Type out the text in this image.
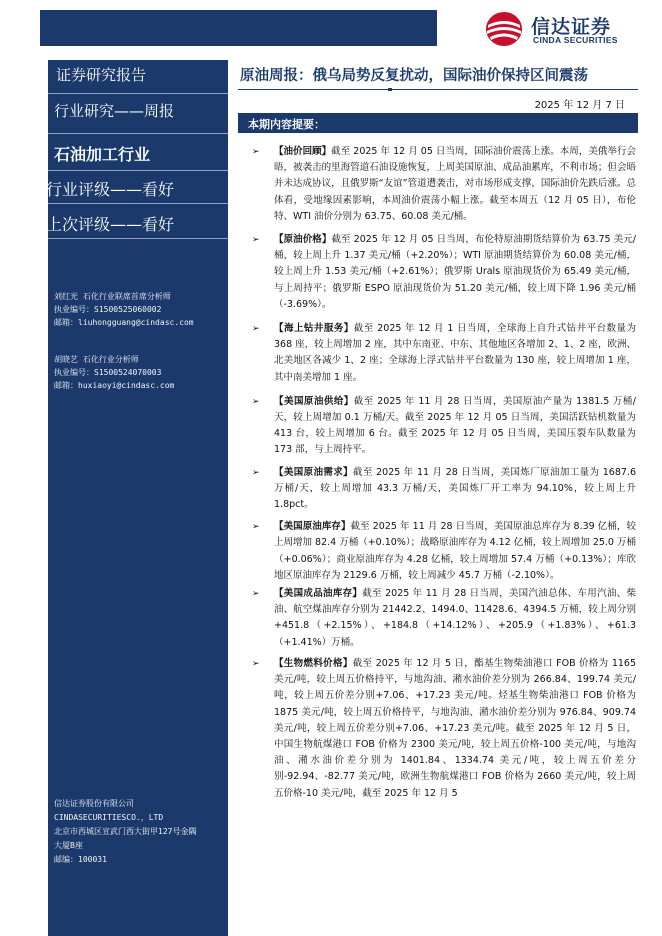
信达证券
CINDA SECURITIES
证券研究报告
行业研究——周报
石油加工行业
行业评级——看好
上次评级——看好
刘红光 石化行业联席首席分析师
执业编号：S1500525060002
邮箱：liuhongguang@cindasc.com
胡晓艺 石化行业分析师
执业编号：S1500524070003
邮箱：huxiaoyi@cindasc.com
信达证券股份有限公司
CINDASECURITIESCO.，LTD
北京市西城区宣武门西大街甲127号金隅
大厦B座
邮编：100031
原油周报：俄乌局势反复扰动，国际油价保持区间震荡
2025 年 12 月 7 日
本期内容提要：
➢ 【油价回顾】截至 2025 年 12 月 05 日当周，国际油价震荡上涨。本周，美俄举行会晤，被袭击的里海管道石油设施恢复，上周美国原油、成品油累库，不利市场；但会晤并未达成协议，且俄罗斯“友谊”管道遭袭击，对市场形成支撑，国际油价先跌后涨。总体看，受地缘因素影响，本周油价震荡小幅上涨。截至本周五（12 月 05 日），布伦特、WTI 油价分别为 63.75、60.08 美元/桶。
➢ 【原油价格】截至 2025 年 12 月 05 日当周，布伦特原油期货结算价为 63.75 美元/桶，较上周上升 1.37 美元/桶（+2.20%）；WTI 原油期货结算价为 60.08 美元/桶，较上周上升 1.53 美元/桶（+2.61%）；俄罗斯 Urals 原油现货价为 65.49 美元/桶，与上周持平；俄罗斯 ESPO 原油现货价为 51.20 美元/桶，较上周下降 1.96 美元/桶（-3.69%）。
➢ 【海上钻井服务】截至 2025 年 12 月 1 日当周，全球海上自升式钻井平台数量为 368 座，较上周增加 2 座，其中东南亚、中东、其他地区各增加 2、1、2 座，欧洲、北美地区各减少 1、2 座；全球海上浮式钻井平台数量为 130 座，较上周增加 1 座，其中南美增加 1 座。
➢ 【美国原油供给】截至 2025 年 11 月 28 日当周，美国原油产量为 1381.5 万桶/天，较上周增加 0.1 万桶/天。截至 2025 年 12 月 05 日当周，美国活跃钻机数量为 413 台，较上周增加 6 台。截至 2025 年 12 月 05 日当周，美国压裂车队数量为 173 部，与上周持平。
➢ 【美国原油需求】截至 2025 年 11 月 28 日当周，美国炼厂原油加工量为 1687.6 万桶/天，较上周增加 43.3 万桶/天，美国炼厂开工率为 94.10%，较上周上升 1.8pct。
➢ 【美国原油库存】截至 2025 年 11 月 28 日当周，美国原油总库存为 8.39 亿桶，较上周增加 82.4 万桶（+0.10%）；战略原油库存为 4.12 亿桶，较上周增加 25.0 万桶（+0.06%）；商业原油库存为 4.28 亿桶，较上周增加 57.4 万桶（+0.13%）；库欣地区原油库存为 2129.6 万桶，较上周减少 45.7 万桶（-2.10%）。
➢ 【美国成品油库存】截至 2025 年 11 月 28 日当周，美国汽油总体、车用汽油、柴油、航空煤油库存分别为 21442.2、1494.0、11428.6、4394.5 万桶，较上周分别+451.8（+2.15%）、+184.8（+14.12%）、+205.9（+1.83%）、+61.3（+1.41%）万桶。
➢ 【生物燃料价格】截至 2025 年 12 月 5 日，酯基生物柴油港口 FOB 价格为 1165 美元/吨，较上周五价格持平，与地沟油、潲水油价差分别为 266.84、199.74 美元/吨，较上周五价差分别+7.06、+17.23 美元/吨。烃基生物柴油港口 FOB 价格为 1875 美元/吨，较上周五价格持平，与地沟油、潲水油价差分别为 976.84、909.74 美元/吨，较上周五价差分别+7.06、+17.23 美元/吨。截至 2025 年 12 月 5 日，中国生物航煤港口 FOB 价格为 2300 美元/吨，较上周五价格-100 美元/吨，与地沟油、潲水油价差分别为 1401.84、1334.74 美元/吨，较上周五价差分别-92.94、-82.77 美元/吨，欧洲生物航煤港口 FOB 价格为 2660 美元/吨，较上周五价格-10 美元/吨，截至 2025 年 12 月 5
